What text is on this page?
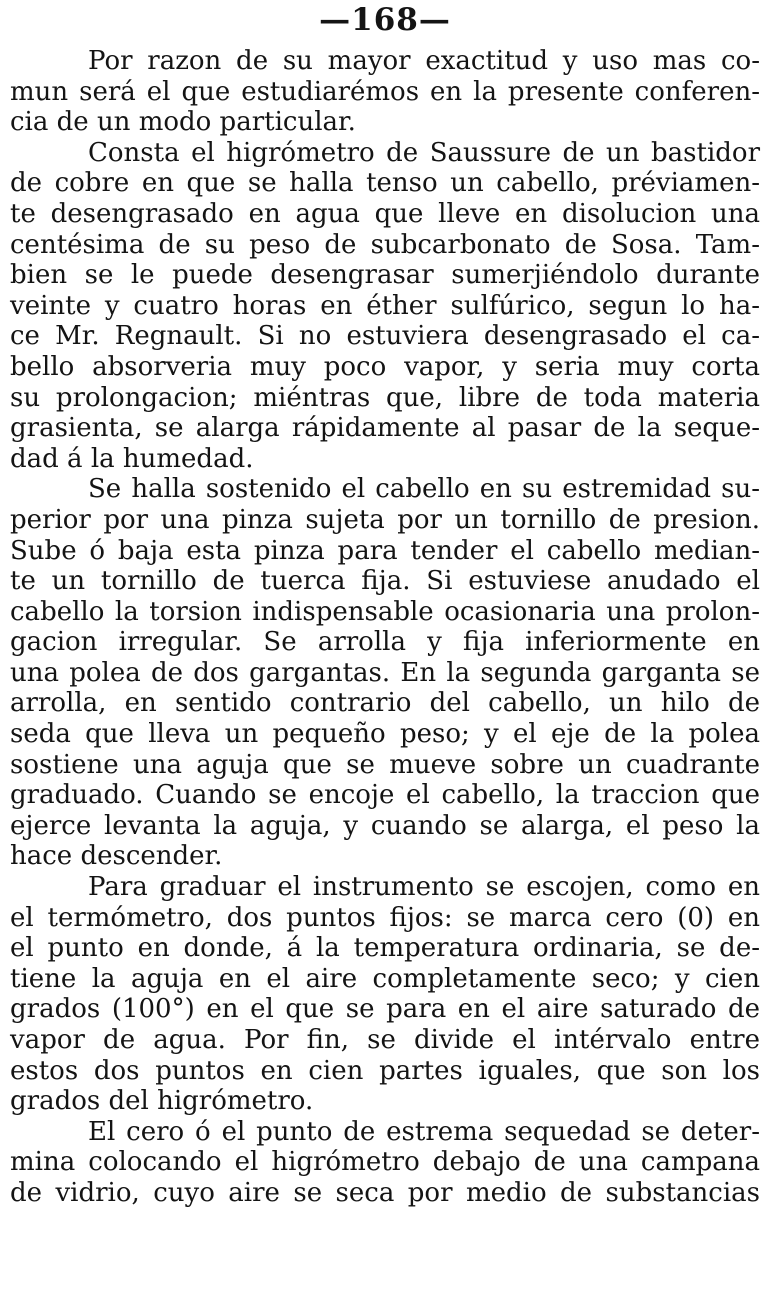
—168—
Por razon de su mayor exactitud y uso mas co-
mun será el que estudiarémos en la presente conferen-
cia de un modo particular.
Consta el higrómetro de Saussure de un bastidor
de cobre en que se halla tenso un cabello, préviamen-
te desengrasado en agua que lleve en disolucion una
centésima de su peso de subcarbonato de Sosa. Tam-
bien se le puede desengrasar sumerjiéndolo durante
veinte y cuatro horas en éther sulfúrico, segun lo ha-
ce Mr. Regnault. Si no estuviera desengrasado el ca-
bello absorveria muy poco vapor, y seria muy corta
su prolongacion; miéntras que, libre de toda materia
grasienta, se alarga rápidamente al pasar de la seque-
dad á la humedad.
Se halla sostenido el cabello en su estremidad su-
perior por una pinza sujeta por un tornillo de presion.
Sube ó baja esta pinza para tender el cabello median-
te un tornillo de tuerca fija. Si estuviese anudado el
cabello la torsion indispensable ocasionaria una prolon-
gacion irregular. Se arrolla y fija inferiormente en
una polea de dos gargantas. En la segunda garganta se
arrolla, en sentido contrario del cabello, un hilo de
seda que lleva un pequeño peso; y el eje de la polea
sostiene una aguja que se mueve sobre un cuadrante
graduado. Cuando se encoje el cabello, la traccion que
ejerce levanta la aguja, y cuando se alarga, el peso la
hace descender.
Para graduar el instrumento se escojen, como en
el termómetro, dos puntos fijos: se marca cero (0) en
el punto en donde, á la temperatura ordinaria, se de-
tiene la aguja en el aire completamente seco; y cien
grados (100°) en el que se para en el aire saturado de
vapor de agua. Por fin, se divide el intérvalo entre
estos dos puntos en cien partes iguales, que son los
grados del higrómetro.
El cero ó el punto de estrema sequedad se deter-
mina colocando el higrómetro debajo de una campana
de vidrio, cuyo aire se seca por medio de substancias
